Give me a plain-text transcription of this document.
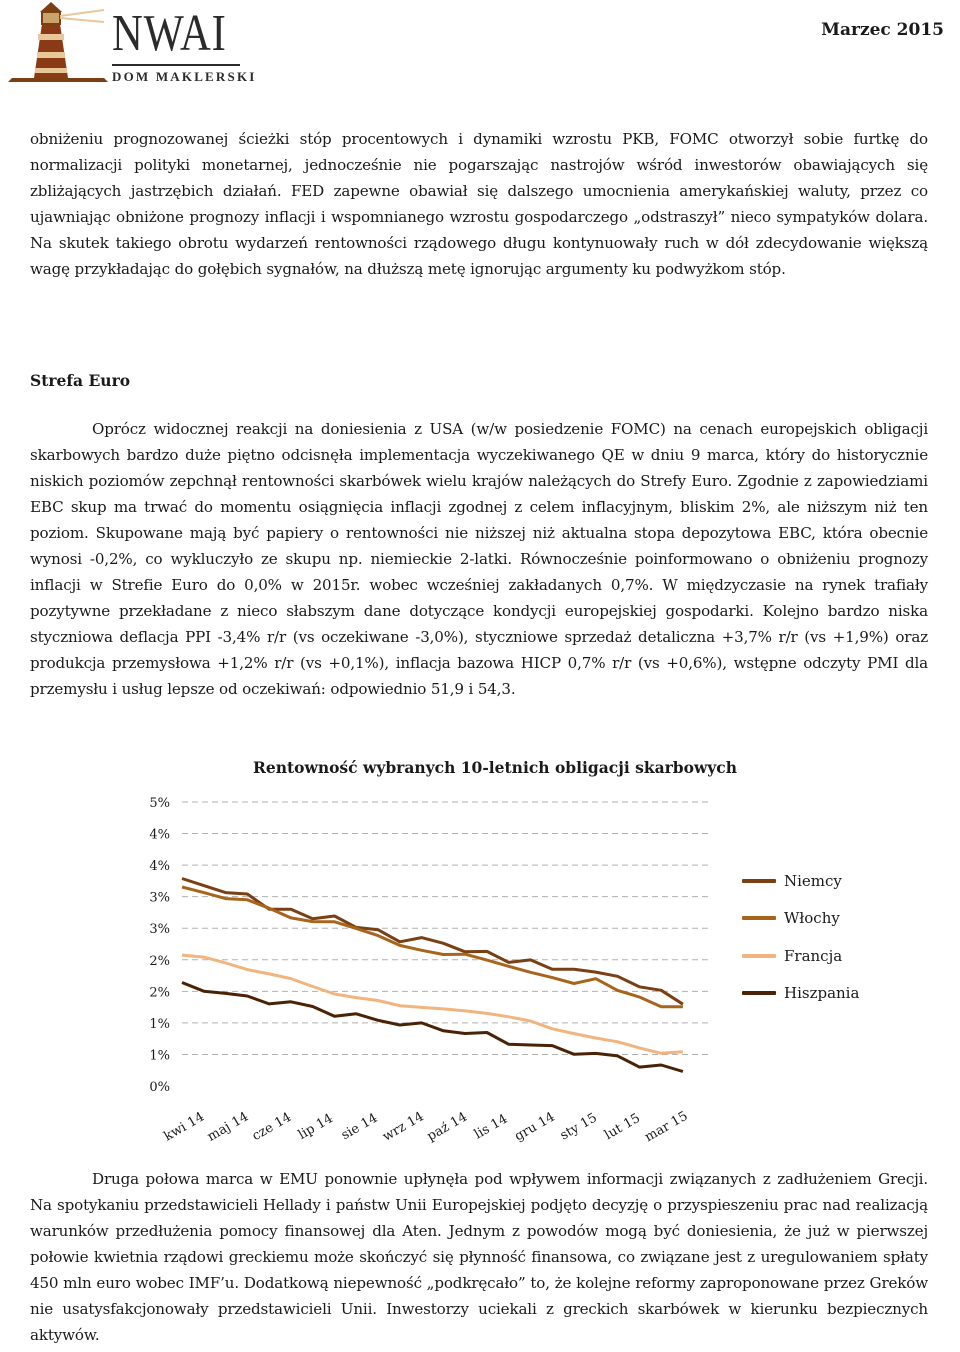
NWAI
DOM MAKLERSKI
Marzec 2015

obniżeniu prognozowanej ścieżki stóp procentowych i dynamiki wzrostu PKB, FOMC otworzył sobie furtkę do normalizacji polityki monetarnej, jednocześnie nie pogarszając nastrojów wśród inwestorów obawiających się zbliżających jastrzębich działań. FED zapewne obawiał się dalszego umocnienia amerykańskiej waluty, przez co ujawniając obniżone prognozy inflacji i wspomnianego wzrostu gospodarczego „odstraszył” nieco sympatyków dolara. Na skutek takiego obrotu wydarzeń rentowności rządowego długu kontynuowały ruch w dół zdecydowanie większą wagę przykładając do gołębich sygnałów, na dłuższą metę ignorując argumenty ku podwyżkom stóp.

Strefa Euro

Oprócz widocznej reakcji na doniesienia z USA (w/w posiedzenie FOMC) na cenach europejskich obligacji skarbowych bardzo duże piętno odcisnęła implementacja wyczekiwanego QE w dniu 9 marca, który do historycznie niskich poziomów zepchnął rentowności skarbówek wielu krajów należących do Strefy Euro. Zgodnie z zapowiedziami EBC skup ma trwać do momentu osiągnięcia inflacji zgodnej z celem inflacyjnym, bliskim 2%, ale niższym niż ten poziom. Skupowane mają być papiery o rentowności nie niższej niż aktualna stopa depozytowa EBC, która obecnie wynosi -0,2%, co wykluczyło ze skupu np. niemieckie 2-latki. Równocześnie poinformowano o obniżeniu prognozy inflacji w Strefie Euro do 0,0% w 2015r. wobec wcześniej zakładanych 0,7%. W międzyczasie na rynek trafiały pozytywne przekładane z nieco słabszym dane dotyczące kondycji europejskiej gospodarki. Kolejno bardzo niska styczniowa deflacja PPI -3,4% r/r (vs oczekiwane -3,0%), styczniowe sprzedaż detaliczna +3,7% r/r (vs +1,9%) oraz produkcja przemysłowa +1,2% r/r (vs +0,1%), inflacja bazowa HICP 0,7% r/r (vs +0,6%), wstępne odczyty PMI dla przemysłu i usług lepsze od oczekiwań: odpowiednio 51,9 i 54,3.

Rentowność wybranych 10-letnich obligacji skarbowych
0%
1%
1%
2%
2%
3%
3%
4%
4%
5%
kwi 14
maj 14
cze 14 lip 14 sie 14 wrz 14
paź 14 lis 14 gru 14 sty 15 lut 15 mar 15
Niemcy
Włochy
Francja
Hiszpania

Druga połowa marca w EMU ponownie upłynęła pod wpływem informacji związanych z zadłużeniem Grecji. Na spotykaniu przedstawicieli Hellady i państw Unii Europejskiej podjęto decyzję o przyspieszeniu prac nad realizacją warunków przedłużenia pomocy finansowej dla Aten. Jednym z powodów mogą być doniesienia, że już w pierwszej połowie kwietnia rządowi greckiemu może skończyć się płynność finansowa, co związane jest z uregulowaniem spłaty 450 mln euro wobec IMF’u. Dodatkową niepewność „podkręcało” to, że kolejne reformy zaproponowane przez Greków nie usatysfakcjonowały przedstawicieli Unii. Inwestorzy uciekali z greckich skarbówek w kierunku bezpiecznych aktywów.
